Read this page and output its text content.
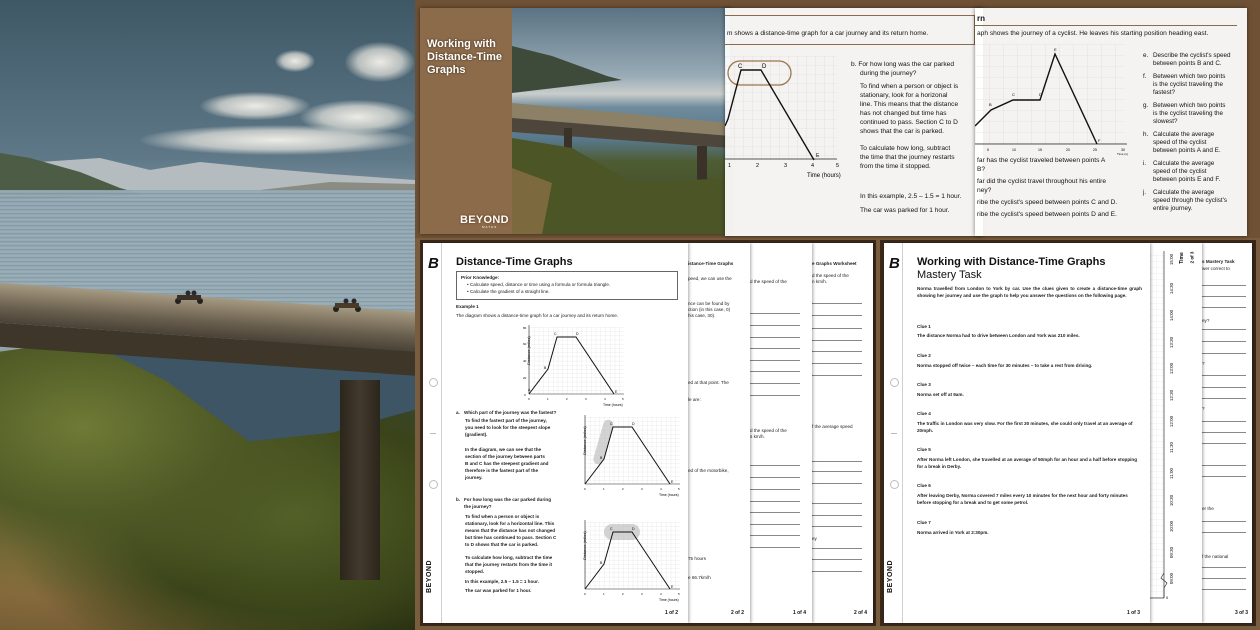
Working with
Distance-Time
Graphs
BEYOND
MATHS
m shows a distance-time graph for a car journey and its return home.
C	D
E
1	2	3	4	5
Time (hours)
b. For how long was the car parked
during the journey?
To find when a person or object is
stationary, look for a horizonal
line. This means that the distance
has not changed but time has
continued to pass. Section C to D
shows that the car is parked.
To calculate how long, subtract
the time that the journey restarts
from the time it stopped.
In this example, 2.5 – 1.5 = 1 hour.
The car was parked for 1 hour.
rn
aph shows the journey of a cyclist. He leaves his starting position heading east.
B
C	D
E
F
5	10	15	20	25	30
Time (s)
far has the cyclist traveled between points A
B?
far did the cyclist travel throughout his entire
ney?
ribe the cyclist's speed between points C and D.
ribe the cyclist's speed between points D and E.
e. Describe the cyclist's speed
between points B and C.
f. Between which two points
is the cyclist traveling the
fastest?
g. Between which two points
is the cyclist traveling the
slowest?
h. Calculate the average
speed of the cyclist
between points A and E.
i. Calculate the average
speed of the cyclist
between points E and F.
j. Calculate the average
speed through the cyclist's
entire journey.
e Graphs Worksheet
d the speed of the
n km/h.
f the average speed
ey
2 of 4
d the speed of the
d the speed of the
s km/h.
1 of 4
istance-Time Graphs
peed, we can use the
nce can be found by
ction (in this case, 0)
his case, 30).
ed at that point. The
le are:
ed of the motorbike,
75 hours
e 66.7km/h
2 of 2
B
BEYOND
Distance-Time Graphs
Prior Knowledge:
• Calculate speed, distance or time using a formula or formula triangle.
• Calculate the gradient of a straight line.
Example 1
The diagram shows a distance-time graph for a car journey and its return home.
Distance (miles)
0
20
40
60
80
0	1	2	3	4	5
Time (hours)
A
B
C	D
E
a. Which part of the journey was the fastest?
To find the fastest part of the journey,
you need to look for the steepest slope
(gradient).
In the diagram, we can see that the
section of the journey between parts
B and C has the steepest gradient and
therefore is the fastest part of the
journey.
Distance (miles)
0	1	2	3	4	5
Time (hours)
B
C	D
E
b. For how long was the car parked during
the journey?
To find when a person or object is
stationary, look for a horizontal line. This
means that the distance has not changed
but time has continued to pass. Section C
to D shows that the car is parked.
To calculate how long, subtract the time
that the journey restarts from the time it
stopped.
In this example, 2.5 – 1.5 = 1 hour.
The car was parked for 1 hour.
Distance (miles)
0	1	2	3	4	5
Time (hours)
B
C	D
E
1 of 2
s Mastery Task
wer correct to
ey?
?
?
er the
f the national
3 of 3
15:00
14:30
14:00
13:30
13:00
12:30
12:00
11:30
11:00
10:30
10:00
09:30
09:00
Time 2 of 3
0
B
BEYOND
Working with Distance-Time Graphs
Mastery Task
Norma travelled from London to York by car. Use the clues given to create a distance-time graph showing her journey and use the graph to help you answer the questions on the following page.
Clue 1
The distance Norma had to drive between London and York was 210 miles.
Clue 2
Norma stopped off twice – each time for 30 minutes – to take a rest from driving.
Clue 3
Norma set off at 9am.
Clue 4
The traffic in London was very slow. For the first 30 minutes, she could only travel at an average of 20mph.
Clue 5
After Norma left London, she travelled at an average of 50mph for an hour and a half before stopping for a break in Derby.
Clue 6
After leaving Derby, Norma covered 7 miles every 10 minutes for the next hour and forty minutes before stopping for a break and to get some petrol.
Clue 7
Norma arrived in York at 2:30pm.
1 of 3
